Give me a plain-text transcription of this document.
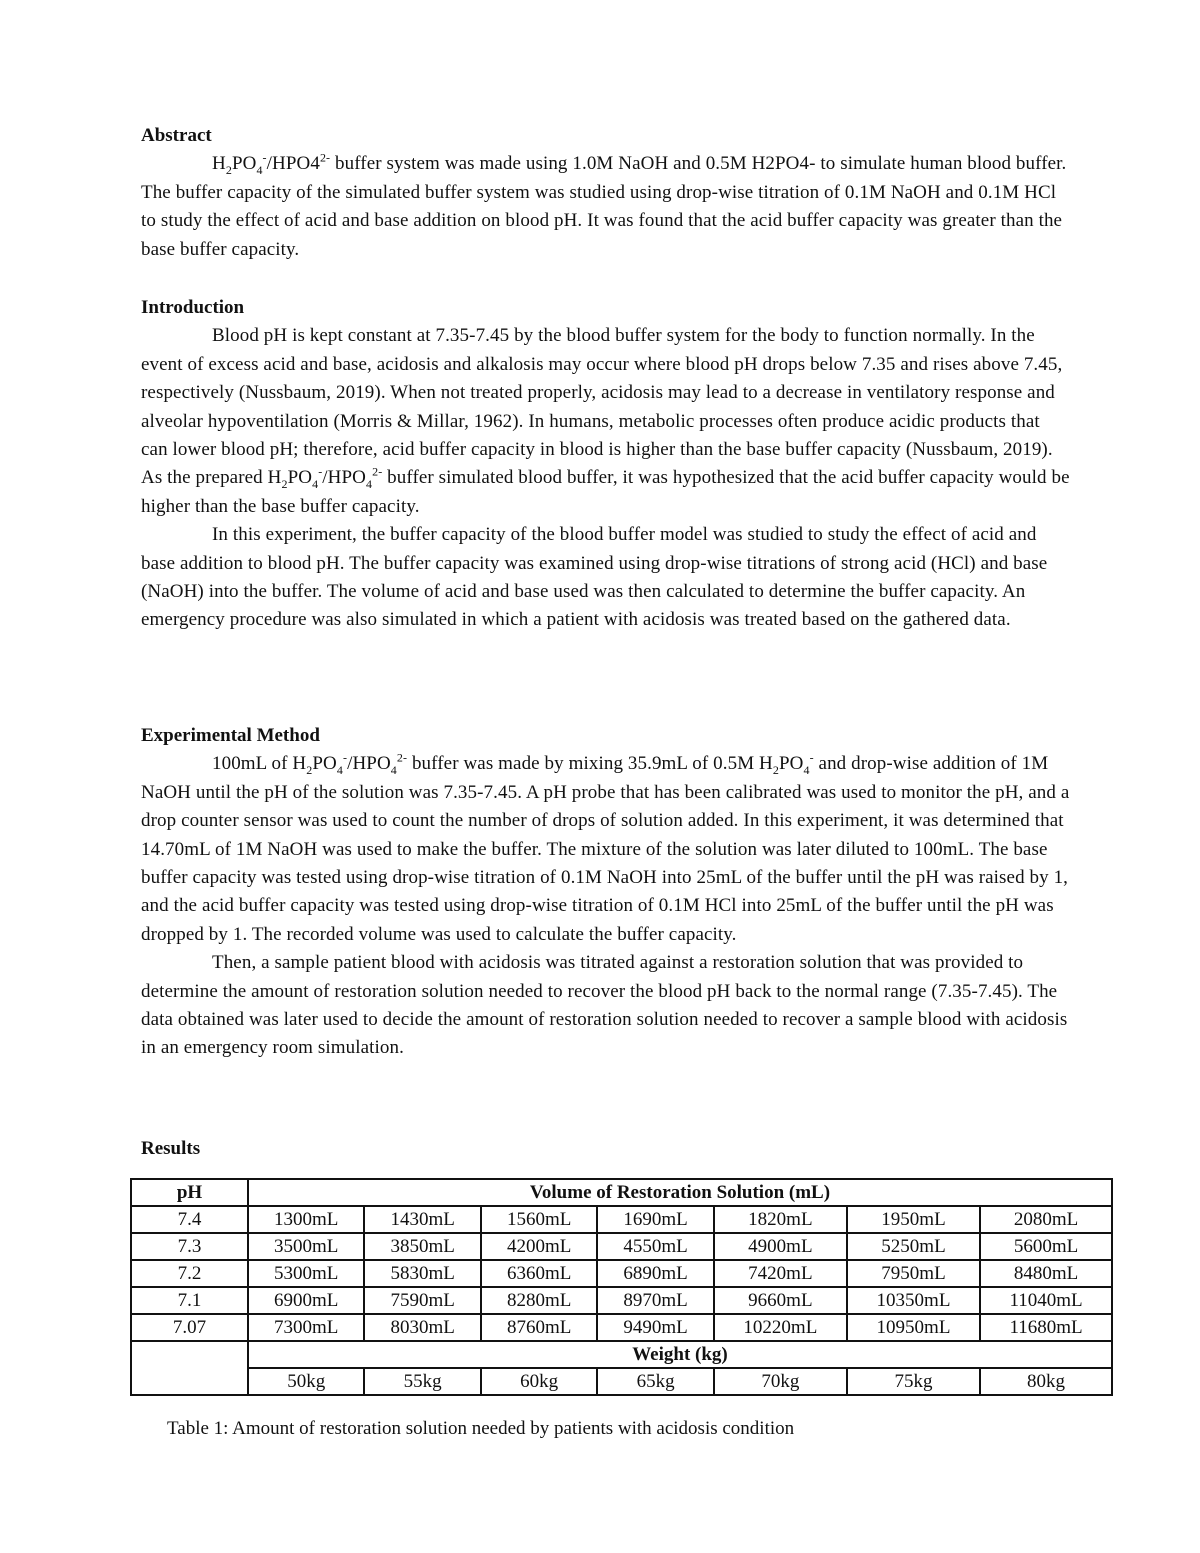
Abstract

$H_2PO_4^-/HPO4^{2-}$ buffer system was made using 1.0M NaOH and 0.5M H2PO4- to simulate human blood buffer. The buffer capacity of the simulated buffer system was studied using drop-wise titration of 0.1M NaOH and 0.1M HCl to study the effect of acid and base addition on blood pH. It was found that the acid buffer capacity was greater than the base buffer capacity.

Introduction

Blood pH is kept constant at 7.35-7.45 by the blood buffer system for the body to function normally. In the event of excess acid and base, acidosis and alkalosis may occur where blood pH drops below 7.35 and rises above 7.45, respectively (Nussbaum, 2019). When not treated properly, acidosis may lead to a decrease in ventilatory response and alveolar hypoventilation (Morris & Millar, 1962). In humans, metabolic processes often produce acidic products that can lower blood pH; therefore, acid buffer capacity in blood is higher than the base buffer capacity (Nussbaum, 2019). As the prepared $H_2PO_4^-/HPO_4^{2-}$ buffer simulated blood buffer, it was hypothesized that the acid buffer capacity would be higher than the base buffer capacity.

In this experiment, the buffer capacity of the blood buffer model was studied to study the effect of acid and base addition to blood pH. The buffer capacity was examined using drop-wise titrations of strong acid (HCl) and base (NaOH) into the buffer. The volume of acid and base used was then calculated to determine the buffer capacity. An emergency procedure was also simulated in which a patient with acidosis was treated based on the gathered data.

Experimental Method

100mL of $H_2PO_4^-/HPO_4^{2-}$ buffer was made by mixing 35.9mL of 0.5M $H_2PO_4^-$ and drop-wise addition of 1M NaOH until the pH of the solution was 7.35-7.45. A pH probe that has been calibrated was used to monitor the pH, and a drop counter sensor was used to count the number of drops of solution added. In this experiment, it was determined that 14.70mL of 1M NaOH was used to make the buffer. The mixture of the solution was later diluted to 100mL. The base buffer capacity was tested using drop-wise titration of 0.1M NaOH into 25mL of the buffer until the pH was raised by 1, and the acid buffer capacity was tested using drop-wise titration of 0.1M HCl into 25mL of the buffer until the pH was dropped by 1. The recorded volume was used to calculate the buffer capacity.

Then, a sample patient blood with acidosis was titrated against a restoration solution that was provided to determine the amount of restoration solution needed to recover the blood pH back to the normal range (7.35-7.45). The data obtained was later used to decide the amount of restoration solution needed to recover a sample blood with acidosis in an emergency room simulation.

Results

pH	Volume of Restoration Solution (mL)						
7.4	1300mL	1430mL	1560mL	1690mL	1820mL	1950mL	2080mL
7.3	3500mL	3850mL	4200mL	4550mL	4900mL	5250mL	5600mL
7.2	5300mL	5830mL	6360mL	6890mL	7420mL	7950mL	8480mL
7.1	6900mL	7590mL	8280mL	8970mL	9660mL	10350mL	11040mL
7.07	7300mL	8030mL	8760mL	9490mL	10220mL	10950mL	11680mL
	Weight (kg)						
	50kg	55kg	60kg	65kg	70kg	75kg	80kg
Table 1: Amount of restoration solution needed by patients with acidosis condition
